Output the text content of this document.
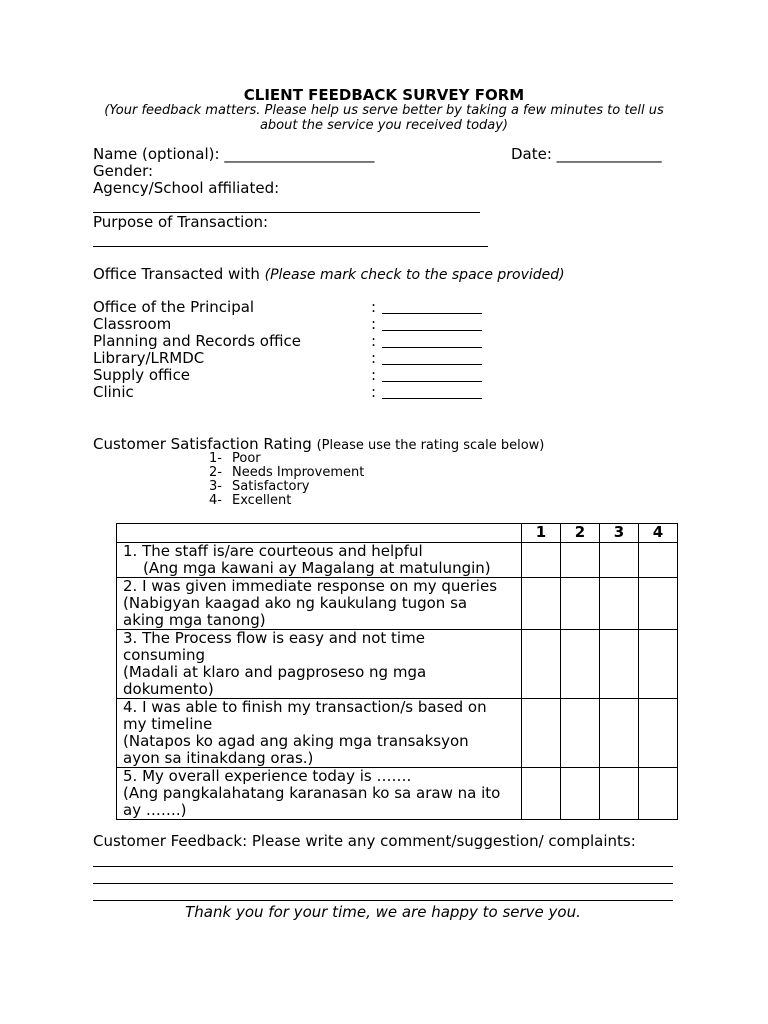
CLIENT FEEDBACK SURVEY FORM
(Your feedback matters. Please help us serve better by taking a few minutes to tell us about the service you received today)
Name (optional): ____________________	Date: ______________
Gender:
Agency/School affiliated:
Purpose of Transaction:
Office Transacted with (Please mark check to the space provided)
Office of the Principal	:
Classroom	:
Planning and Records office	:
Library/LRMDC	:
Supply office	:
Clinic	:
Customer Satisfaction Rating (Please use the rating scale below)
1- Poor
2- Needs Improvement
3- Satisfactory
4- Excellent
	1	2	3	4
1. The staff is/are courteous and helpful

(Ang mga kawani ay Magalang at matulungin)				

2. I was given immediate response on my queries
(Nabigyan kaagad ako ng kaukulang tugon sa aking mga tanong)				

3. The Process flow is easy and not time consuming
(Madali at klaro and pagproseso ng mga dokumento)				

4. I was able to finish my transaction/s based on my timeline
(Natapos ko agad ang aking mga transaksyon ayon sa itinakdang oras.)				

5. My overall experience today is …….
(Ang pangkalahatang karanasan ko sa araw na ito ay …….)				

Customer Feedback: Please write any comment/suggestion/ complaints:
Thank you for your time, we are happy to serve you.
